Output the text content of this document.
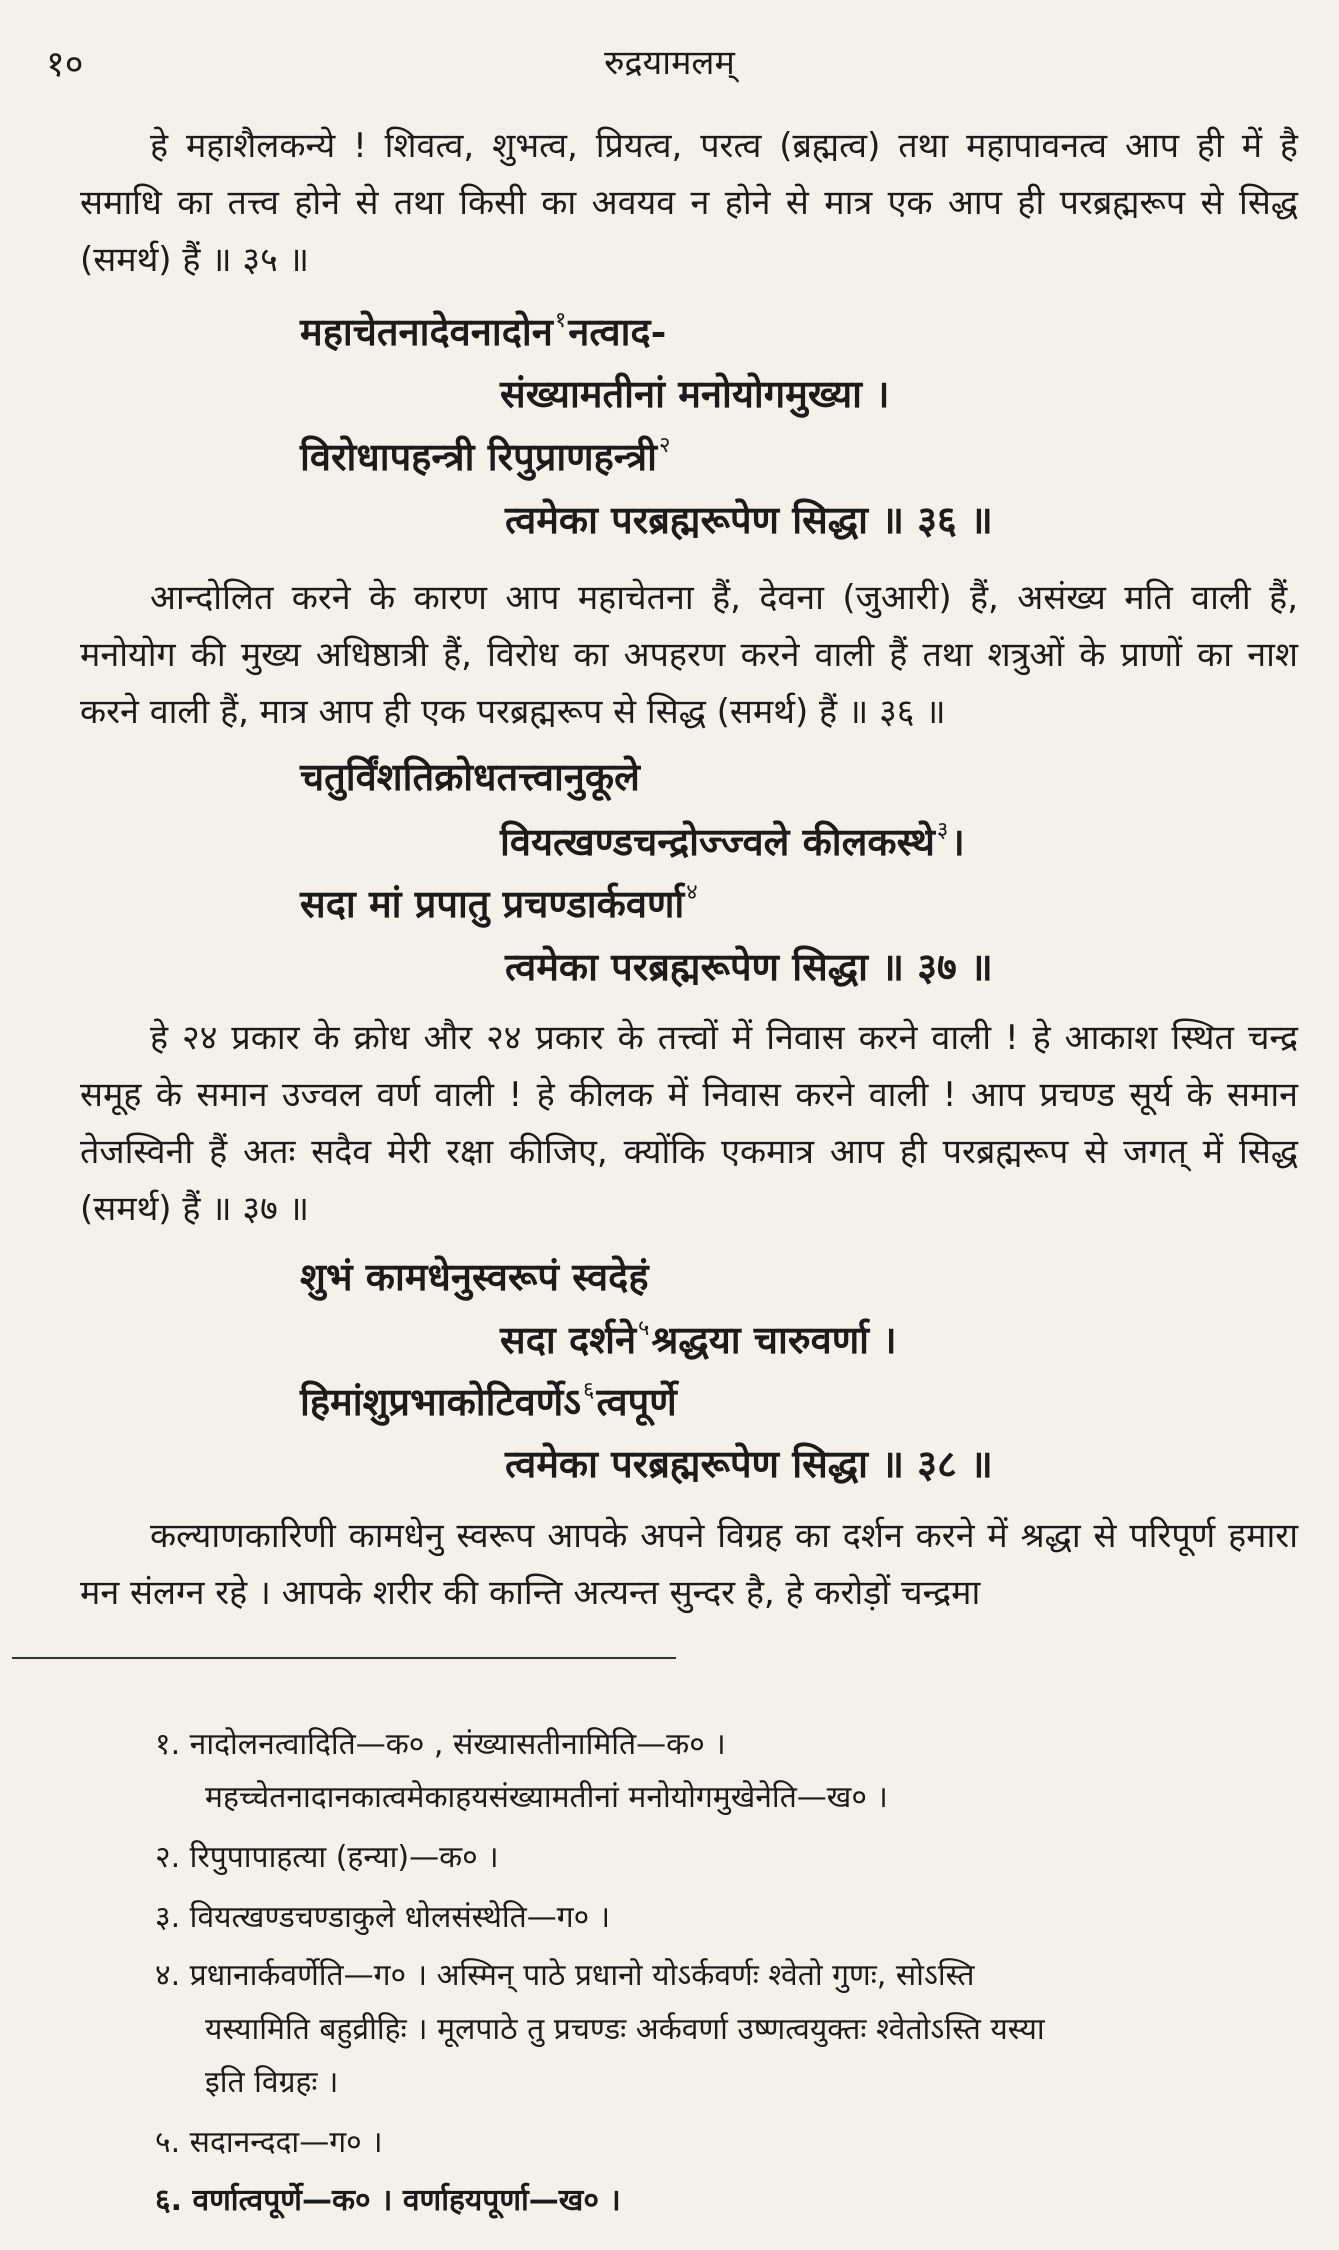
१०	रुद्रयामलम्

हे महाशैलकन्ये ! शिवत्व, शुभत्व, प्रियत्व, परत्व (ब्रह्मत्व) तथा महापावनत्व आप ही में है समाधि का तत्त्व होने से तथा किसी का अवयव न होने से मात्र एक आप ही परब्रह्मरूप से सिद्ध (समर्थ) हैं ॥ ३५ ॥

महाचेतनादेवनादोन$^१$नत्वाद-
संख्यामतीनां मनोयोगमुख्या ।
विरोधापहन्त्री रिपुप्राणहन्त्री$^२$
त्वमेका परब्रह्मरूपेण सिद्धा ॥ ३६ ॥

आन्दोलित करने के कारण आप महाचेतना हैं, देवना (जुआरी) हैं, असंख्य मति वाली हैं, मनोयोग की मुख्य अधिष्ठात्री हैं, विरोध का अपहरण करने वाली हैं तथा शत्रुओं के प्राणों का नाश करने वाली हैं, मात्र आप ही एक परब्रह्मरूप से सिद्ध (समर्थ) हैं ॥ ३६ ॥

चतुर्विंशतिक्रोधतत्त्वानुकूले
वियत्खण्डचन्द्रोज्ज्वले कीलकस्थे$^३$।
सदा मां प्रपातु प्रचण्डार्कवर्णा$^४$
त्वमेका परब्रह्मरूपेण सिद्धा ॥ ३७ ॥

हे २४ प्रकार के क्रोध और २४ प्रकार के तत्त्वों में निवास करने वाली ! हे आकाश स्थित चन्द्र समूह के समान उज्वल वर्ण वाली ! हे कीलक में निवास करने वाली ! आप प्रचण्ड सूर्य के समान तेजस्विनी हैं अतः सदैव मेरी रक्षा कीजिए, क्योंकि एकमात्र आप ही परब्रह्मरूप से जगत् में सिद्ध (समर्थ) हैं ॥ ३७ ॥

शुभं कामधेनुस्वरूपं स्वदेहं
सदा दर्शने$^५$श्रद्धया चारुवर्णा ।
हिमांशुप्रभाकोटिवर्णेऽ$^६$त्वपूर्णे
त्वमेका परब्रह्मरूपेण सिद्धा ॥ ३८ ॥

कल्याणकारिणी कामधेनु स्वरूप आपके अपने विग्रह का दर्शन करने में श्रद्धा से परिपूर्ण हमारा मन संलग्न रहे । आपके शरीर की कान्ति अत्यन्त सुन्दर है, हे करोड़ों चन्द्रमा

१. नादोलनत्वादिति—क० , संख्यासतीनामिति—क० ।
महच्चेतनादानकात्वमेकाहयसंख्यामतीनां मनोयोगमुखेनेति—ख० ।
२. रिपुपापाहत्या (हन्या)—क० ।
३. वियत्खण्डचण्डाकुले धोलसंस्थेति—ग० ।
४. प्रधानार्कवर्णेति—ग० । अस्मिन् पाठे प्रधानो योऽर्कवर्णः श्वेतो गुणः, सोऽस्ति
यस्यामिति बहुव्रीहिः । मूलपाठे तु प्रचण्डः अर्कवर्णा उष्णत्वयुक्तः श्वेतोऽस्ति यस्या
इति विग्रहः ।
५. सदानन्ददा—ग० ।
६. वर्णात्वपूर्णे—क० । वर्णाहयपूर्णा—ख० ।
